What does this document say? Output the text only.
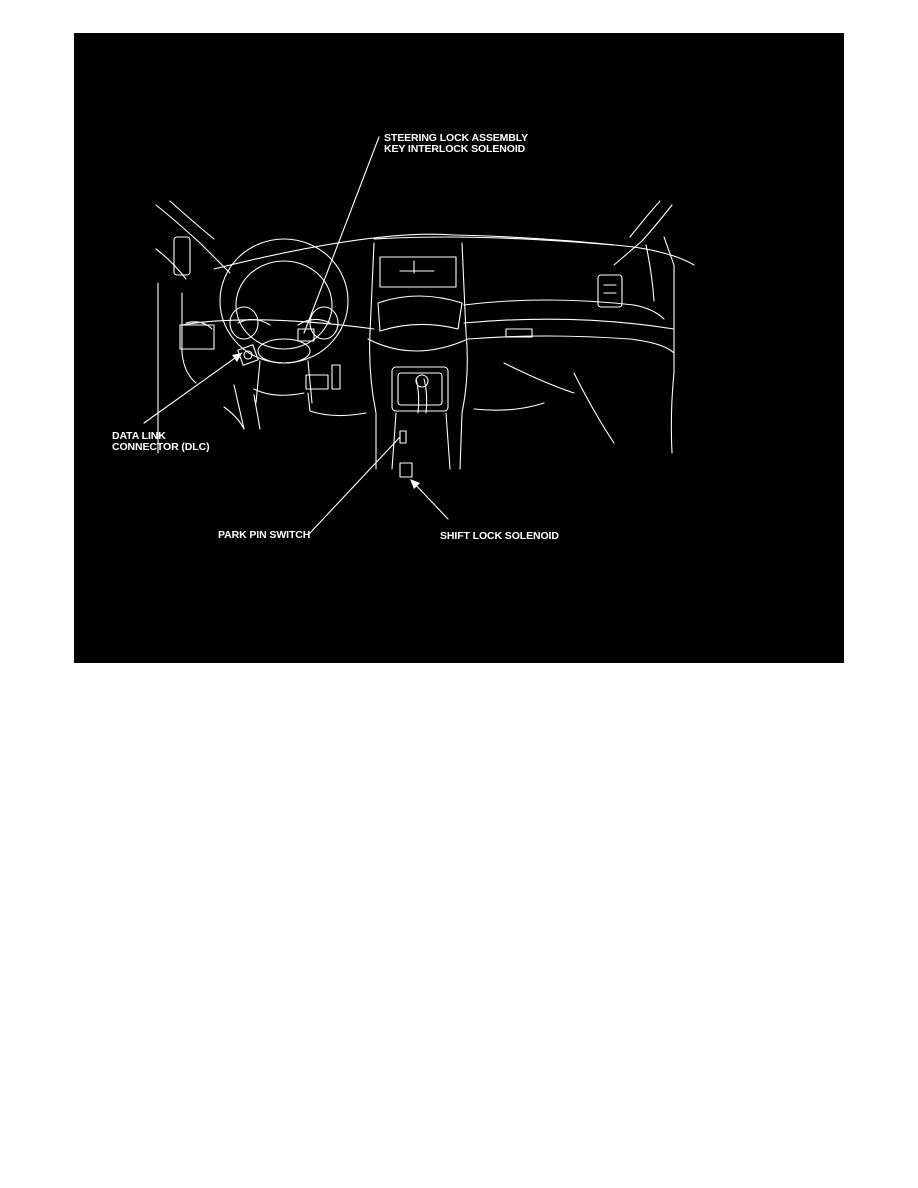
STEERING LOCK ASSEMBLY
KEY INTERLOCK SOLENOID
DATA LINK
CONNECTOR (DLC)
PARK PIN SWITCH	SHIFT LOCK SOLENOID
